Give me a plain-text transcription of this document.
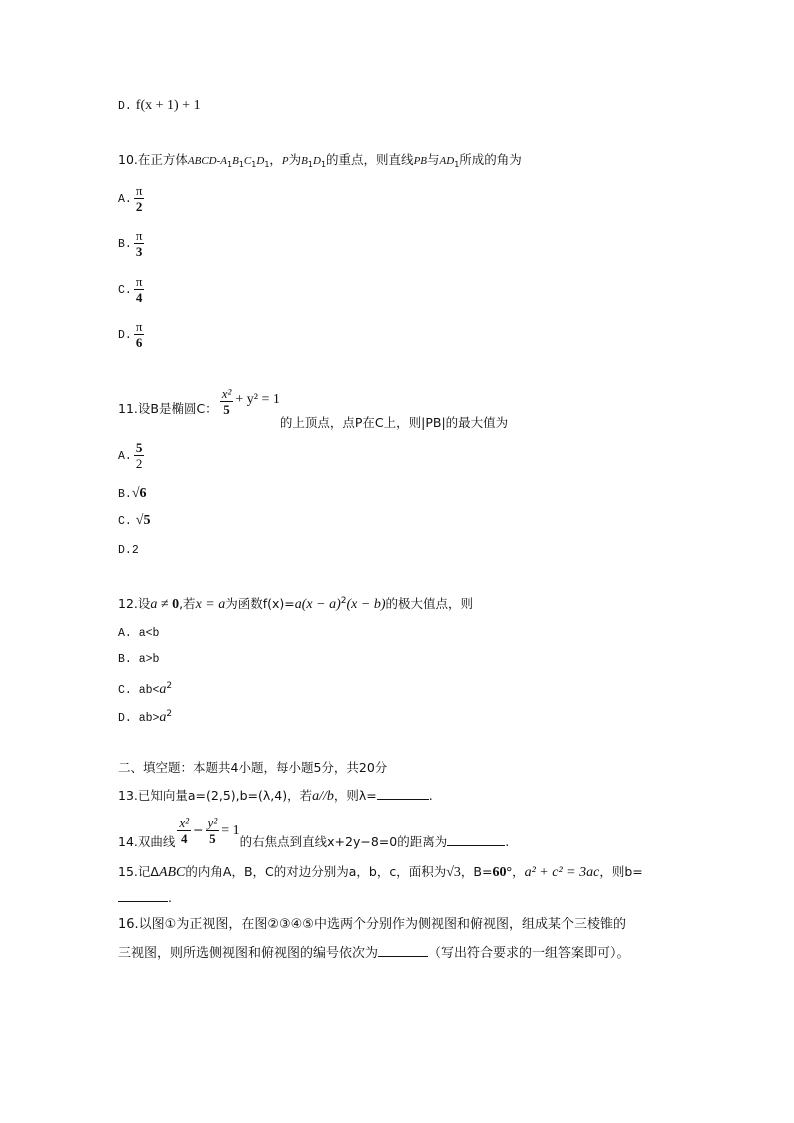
D. f(x + 1) + 1
10.在正方体ABCD-$A_1B_1C_1D_1$，P为$B_1D_1$的重点，则直线PB与$AD_1$所成的角为
A. $\frac{\pi}{2}$
B. $\frac{\pi}{3}$
C. $\frac{\pi}{4}$
D. $\frac{\pi}{6}$
11.设B是椭圆C： $\frac{\text{x²}}{5} + y^2 = 1$的上顶点，点P在C上，则|PB|的最大值为
A. $\frac{5}{2}$
B.√6
C. √5
D.2
12.设a ≠ 0,若x = a为函数$f(x)=a(x - a)^2(x - b)$的极大值点，则
A. a<b
B. a>b
C. $ab<a^2$
D. $ab>a^2$
二、填空题：本题共4小题，每小题5分，共20分
13.已知向量a=(2,5),b=(λ,4)，若a//b，则λ=	.
14.双曲线 $\frac{\text{x²}}{4} - \frac{\text{y²}}{5} = 1$的右焦点到直线x+2y−8=0的距离为	.
15.记ΔABC的内角A，B，C的对边分别为a，b，c，面积为√3，B=60°，a² + c² = 3ac，则b=
.
16.以图①为正视图，在图②③④⑤中选两个分别作为侧视图和俯视图，组成某个三棱锥的
三视图，则所选侧视图和俯视图的编号依次为	（写出符合要求的一组答案即可）。
